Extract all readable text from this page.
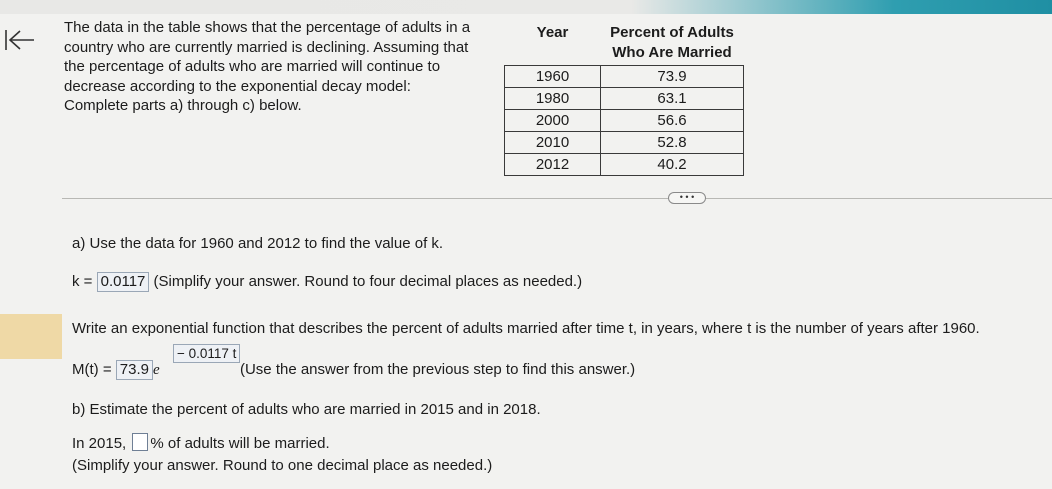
The data in the table shows that the percentage of adults in a
country who are currently married is declining. Assuming that
the percentage of adults who are married will continue to
decrease according to the exponential decay model:
Complete parts a) through c) below.
Year	Percent of Adults Who Are Married
1960	73.9
1980	63.1
2000	56.6
2010	52.8
2012	40.2
• • •
a) Use the data for 1960 and 2012 to find the value of k.
k = 0.0117 (Simplify your answer. Round to four decimal places as needed.)
Write an exponential function that describes the percent of adults married after time t, in years, where t is the number of years after 1960.
M(t) = 73.9 e	(Use the answer from the previous step to find this answer.)
− 0.0117 t
b) Estimate the percent of adults who are married in 2015 and in 2018.
In 2015, % of adults will be married.
(Simplify your answer. Round to one decimal place as needed.)
